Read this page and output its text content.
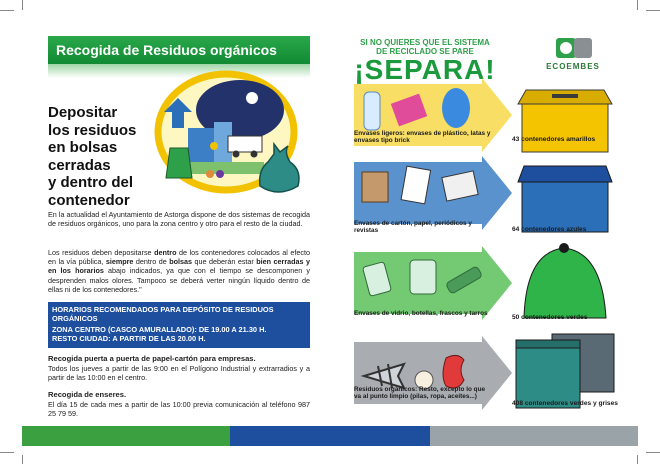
Recogida de Residuos orgánicos
Depositar
los residuos
en bolsas
cerradas
y dentro del
contenedor
En la actualidad el Ayuntamiento de Astorga dispone de dos sistemas de recogida de residuos orgánicos, uno para la zona centro y otro para el resto de la ciudad.
Los residuos deben depositarse dentro de los contenedores colocados al efecto en la vía pública, siempre dentro de bolsas que deberán estar bien cerradas y en los horarios abajo indicados, ya que con el tiempo se descomponen y desprenden malos olores. Tampoco se deberá verter ningún líquido dentro de ellas ni de los contenedores."
HORARIOS RECOMENDADOS PARA DEPÓSITO DE RESIDUOS ORGÁNICOS
ZONA CENTRO (CASCO AMURALLADO): DE 19.00 A 21.30 H.
RESTO CIUDAD: A PARTIR DE LAS 20.00 H.
Recogida puerta a puerta de papel-cartón para empresas.
Todos los jueves a partir de las 9:00 en el Polígono Industrial y extrarradios y a partir de las 10:00 en el centro.
Recogida de enseres.
El día 15 de cada mes a partir de las 10:00 previa comunicación al teléfono 987 25 79 59.
SI NO QUIERES QUE EL SISTEMA DE RECICLADO SE PARE
¡SEPARA!	ECOEMBES
Envases ligeros: envases de plástico, latas y envases tipo brick	43 contenedores amarillos
Envases de cartón, papel, periódicos y revistas	64 contenedores azules
Envases de vidrio, botellas, frascos y tarros
50 contenedores verdes
Residuos orgánicos: Resto, excepto lo que va al punto limpio (pilas, ropa, aceites...)
408 contenedores verdes y grises
